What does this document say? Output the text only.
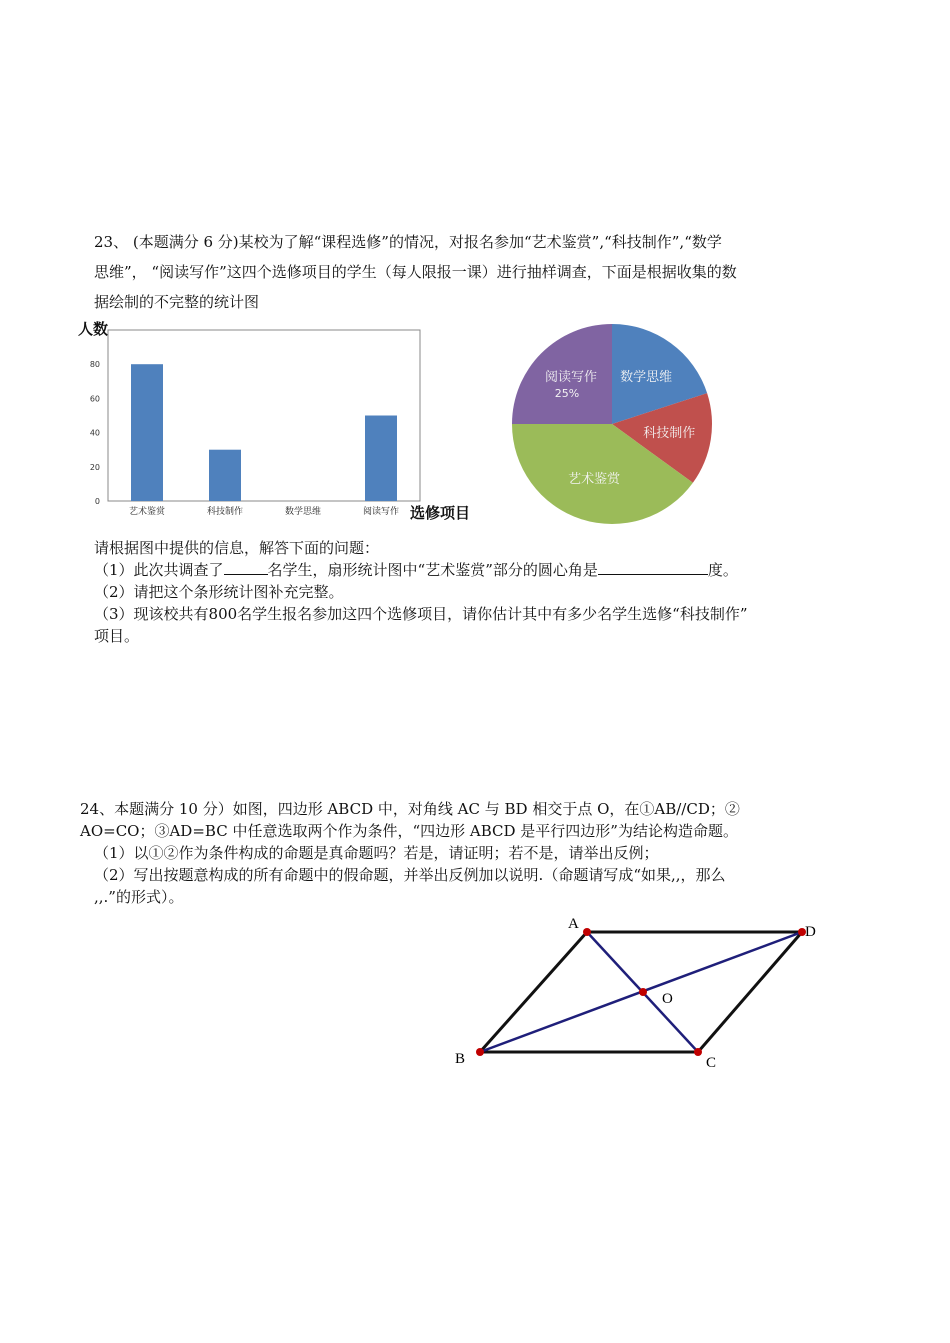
23、 (本题满分 6 分)某校为了解“课程选修”的情况，对报名参加“艺术鉴赏”,“科技制作”,“数学
思维”， “阅读写作”这四个选修项目的学生（每人限报一课）进行抽样调查，下面是根据收集的数
据绘制的不完整的统计图
人数
0
20
40
60
80
艺术鉴赏	科技制作	数学思维	阅读写作 选修项目
数学思维
科技制作
艺术鉴赏
阅读写作
25%
请根据图中提供的信息，解答下面的问题：
（1）此次共调查了	名学生，扇形统计图中“艺术鉴赏”部分的圆心角是	度。
（2）请把这个条形统计图补充完整。
（3）现该校共有800名学生报名参加这四个选修项目，请你估计其中有多少名学生选修“科技制作”
项目。
24、本题满分 10 分）如图，四边形 ABCD 中，对角线 AC 与 BD 相交于点 O，在①AB//CD；②
AO=CO；③AD=BC 中任意选取两个作为条件，“四边形 ABCD 是平行四边形”为结论构造命题。
（1）以①②作为条件构成的命题是真命题吗？若是，请证明；若不是，请举出反例；
（2）写出按题意构成的所有命题中的假命题，并举出反例加以说明.（命题请写成“如果,,，那么
,,.”的形式）。
A
B	C
D
O
